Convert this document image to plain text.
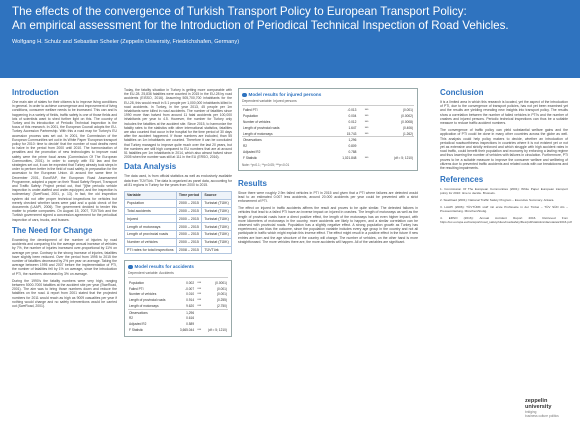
The effects of the convergence of Turkish Transport Policy to European Transport Policy:
An empirical assessment for the Introduction of Periodical Technical Inspection of Road Vehicles.
Wolfgang H. Schulz and Sebastian Scheler (Zeppelin University, Friedrichshafen, Germany)
Introduction

One main aim of states for their citizens is to improve living conditions in general. In order to achieve convergence and improvement of living conditions, consumer welfare needs to be increased. This can and is happening in a variety of fields, traffic safety is one of those fields and lots of scientists want to shed further light on this. The country of Turkey and its introduction of Periodic Technical Inspection is the focus of this research. In 2001, the European Council adopts the EU-Turkey Accession Partnership. With this a road map for Turkey's EU accession process was set out. In 2001, the Commission of the European Communities set out in its White Paper 'European transport policy for 2010: time to decide' that the number of road deaths need to halve in the period from 2000 until 2010. The harmonization of penalties and the promotion of new technologies to improve road safety were the prime focal areas (Commission Of The European Communities, 2001). In order to comply with EU law and the strategies set out, it can be expected that Turkey already took steps in order to perform better in the field of road safety, in preparation for the accession to the European Union. At around the same time in December 2001, EuroRAP, the European Road Assessment Programme, adopted a paper on their 'Road Safety Report, Transport and Traffic Safety: Project period out, that "[t]he periodic vehicle inspection is under-staffed and under-equipped, and the inspection is rudimentary' (SweRoad, 2001, p. 13). In fact, the old inspection system did not offer proper technical inspections for vehicles but merely checked whether taxes were paid and a quick check of the documents (LAAPI, 2006). The government decided to tender this matter to private companies. On August 15, 2007, TÜVTürk and the Turkish government signed a concession agreement for the periodical inspection of cars, trucks, and busses.

The Need for Change

Examining the development of the number of injuries by road accidents and comparing it to the average annual increase of vehicles by 7%, the number of injuries increased over-proportional by 11% on average per year. Contrary to the strong increase of injuries, fatalities have slightly been reduced. Over the period from 1995 to 2015 the number of fatalities decreased by 2% per year on average. Taking the average between 1995 and 2007 before the implementation of PTI, the number of fatalities fell by 1% on average, since the introduction of PTI, the numbers decreased by 3% on average.

During the 1990's the fatality numbers were very high, ranging between 5000-7000 fatalities at the accident site per year (SweRoad, 2001). The aim was to bring those numbers down and reduce the fatalities on the road. A report from 2001 stated that the projected numbers for 2011 would reach as high as 9009 casualties per year if nothing would change and no safety interventions would be carried out (SweRoad, 2001).

Today, the fatality situation in Turkey is getting more comparable with the EU-28. 25,836 fatalities were counted in 2015 in the EU-28 by road accidents (EISSO, 2016). Assuming 505,700,700 inhabitants for the EU-28, this would result in 5.1 people per 1,000,000 inhabitants killed in road accidents. In Turkey, in the year 2013, 45 people per 1m inhabitants were killed in road accidents. The number of fatalities since 1990 more than halved from around 11 fatal accidents per 100,000 inhabitants per year to 4.5. However, the number for Turkey only includes the fatalities at the accident site. Since 2015, to harmonize the fatality rates to the statistics with other international statistics, fatalities are also counted that occur in the hospital for the time period of 30 days after the accident happened. If those numbers are included, than 55 fatalities on 1m inhabitants are counted. Therefore it can be concluded that Turkey managed to improve quite much over the last 20 years, but the numbers are still high compared to EU numbers that are at around 51 fatalities per 1m inhabitants in 2014, which also almost halved since 2005 when the number was still at 111 in the EU (ERSO, 2016).

Data Analysis

The data used, is from official statistics as well as exclusively available data from TÜVTürk. The data is organized as panel data, accounting for all 81 regions in Turkey for the years from 2000 to 2015.

Variable	Time period	Source
Population	2000 – 2015	Turkstat (TÜIK)
Total accidents	2000 – 2015	Turkstat (TÜIK)
Injured	2000 – 2015	Turkstat (TÜIK)
Length of motorways	2000 – 2015	Turkstat (TÜIK)
Length of provincial roads	2000 – 2015	Turkstat (TÜIK)
Number of vehicles	2000 – 2015	Turkstat (TÜIK)
PTI rates for total inspections	2008 – 2015	TÜVTürk
Model results for accidents
Dependent variable: Accidents
Population	0.002	***	(0.0001)
Failed PTI	-0.007	***	(0.001)
Number of vehicles	0.010	***	(0.001)
Length of provincial roads	0.914	***	(0.255)
Length of motorways	9.620	***	(2.750)
Observations	1,296		
R2	0.616		
Adjusted R2	0.589		
F Statistic	3,665.044	***	(df = 5; 1210)
Model results for injured persons
Dependent variable: Injured persons
Failed PTI	-0.013	***	(0.001)
Population	0.004	***	(0.0002)
Number of vehicles	0.012	***	(0.0008)
Length of provincial roads	1.647	***	(0.406)
Length of motorways	15.743	***	(1.262)
Observations	1,296		
R2	0.809		
Adjusted R2	0.788		
F Statistic	1,021.848	***	(df = 5; 1210)
Note: *p<0.1; **p<0.05; ***p<0.01
Results

Since there were roughly 2.9m failed vehicles in PTI in 2015 and given that a PTI where failures are detected would lead to an estimated 0.007 less accidents, around 20.000 accidents per year could be prevented with a strict enforcement of PTI.

The effect on injured in traffic accidents affirms the result and proves to be quite similar. The detected failures in vehicles that lead to a failed PTI have an inverse impact on injured in crashes. The length of motorways as well as the length of provincial roads have a direct positive effect, the length of the motorways has an even higher impact, with more kilometers of motorways in the country, more accidents are likely to happen, and a similar correlation can be observed with provincial roads. Population has a slightly negative effect. A strong population growth as Turkey has experienced, can bias the outcome, since the population variable includes every age group in the country and not all participate in traffic which might explain this inverse effect. The effect might result in a positive effect in the future if new entries are born and the age structure of the country will change. The number of vehicles, on the other hand is more straightforward. The more vehicles there are, the more accidents will happen. All of the variables are significant.

Conclusion

It is a limited area in which this research is located, yet the aspect of the introduction of PTI, due to the convergence of transport policies, has not yet been examined yet and the results are yielding revealing new insights into transport policy. The results show a correlation between the number of failed vehicles in PTI's and the number of crashes and injured persons. Periodic technical inspections can thus be a suitable measure to reduce traffic accident numbers.

The convergence of traffic policy can yield substantial welfare gains and the application of PTI could be done in many other countries across the globe as well. This analysis could help policy makers to decide, whether an introduction of periodical roadworthiness inspections in countries where it is not existent yet or not yet as extensive and strictly enforced and which struggle with high accident rates in road traffic, could benefit their population and economy by enforcing a lasting regime and thus lowering the number of vehicles with failures in circulation. Furthermore, PTI proves to be a suitable measure to improve the consumer welfare and wellbeing of citizens due to prevented traffic accidents and related costs with car breakdowns and the resulting impairments.

References

1. Commission Of The European Communities (2001): White Paper European transport policy for 2010: time to decide. Brussels.

2. SweRoad (2001): National Traffic Safety Program – Executive Summary. Ankara.

3. LAAPI (2006): TÜVTÜRK stoff mit erste Profisseite in der Türkei – TÜV SÜD AG – Pressemitteilung. München/Stuttg.

4. ERSO (2016): Annual Accident Report 2016. Retrieved from https://ec.europa.eu/transport/road_safety/sites/roadsafety/files/pdf/statistics/dacota/asr2016.pdf

zeppelin university
bridging
business culture politics
